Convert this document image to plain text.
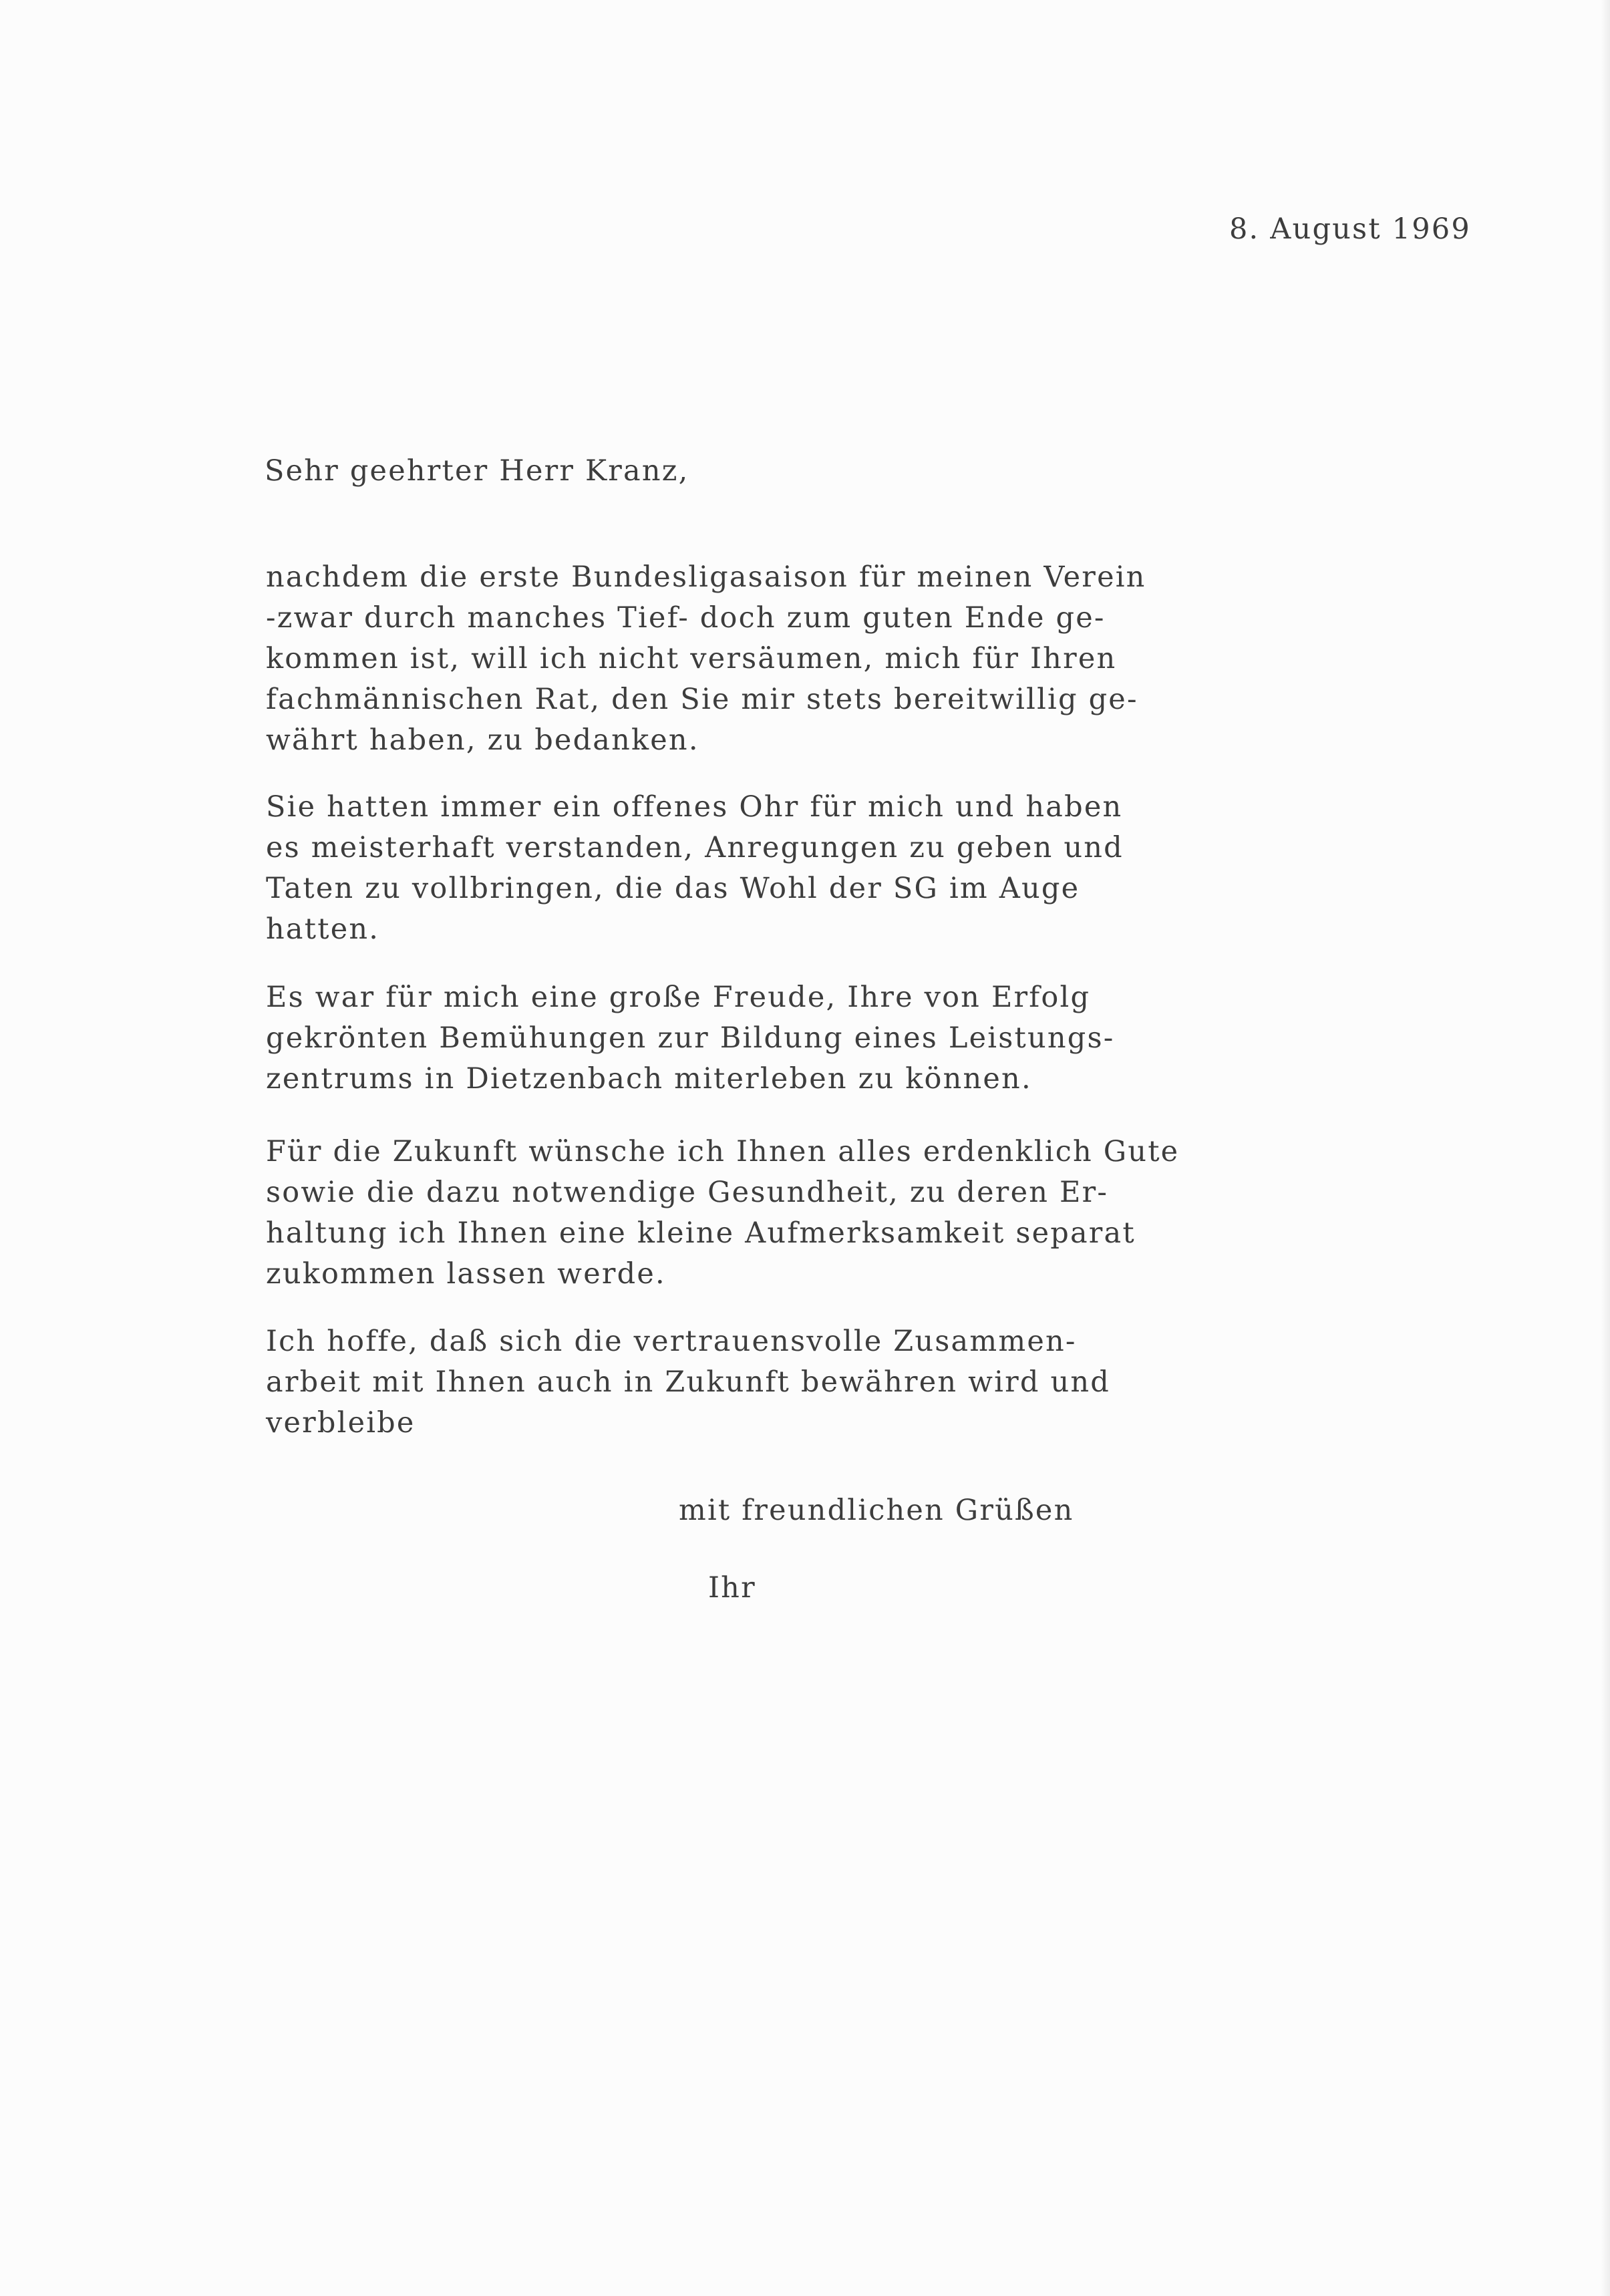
8. August 1969
Sehr geehrter Herr Kranz,
nachdem die erste Bundesligasaison für meinen Verein
-zwar durch manches Tief- doch zum guten Ende ge-
kommen ist, will ich nicht versäumen, mich für Ihren
fachmännischen Rat, den Sie mir stets bereitwillig ge-
währt haben, zu bedanken.
Sie hatten immer ein offenes Ohr für mich und haben
es meisterhaft verstanden, Anregungen zu geben und
Taten zu vollbringen, die das Wohl der SG im Auge
hatten.
Es war für mich eine große Freude, Ihre von Erfolg
gekrönten Bemühungen zur Bildung eines Leistungs-
zentrums in Dietzenbach miterleben zu können.
Für die Zukunft wünsche ich Ihnen alles erdenklich Gute
sowie die dazu notwendige Gesundheit, zu deren Er-
haltung ich Ihnen eine kleine Aufmerksamkeit separat
zukommen lassen werde.
Ich hoffe, daß sich die vertrauensvolle Zusammen-
arbeit mit Ihnen auch in Zukunft bewähren wird und
verbleibe
mit freundlichen Grüßen
Ihr
